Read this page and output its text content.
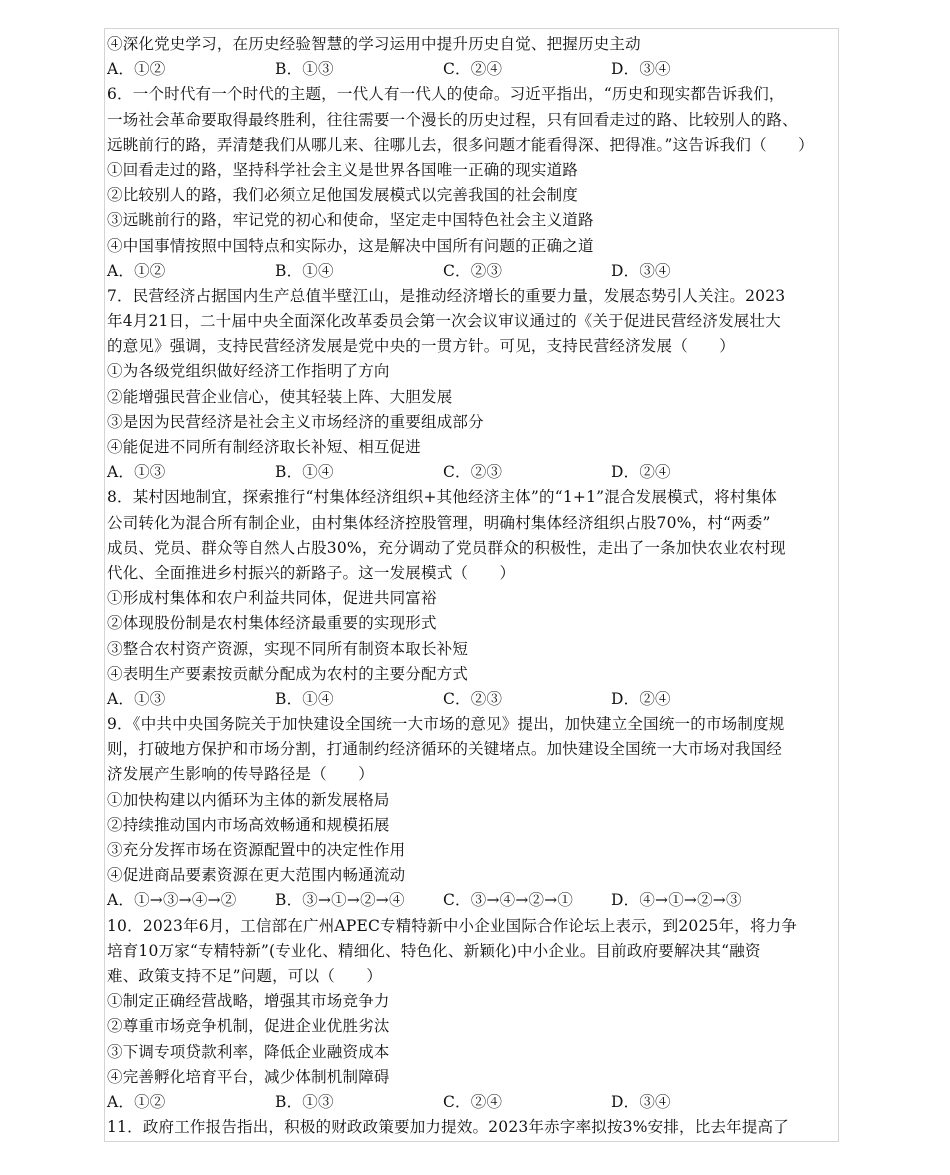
④深化党史学习，在历史经验智慧的学习运用中提升历史自觉、把握历史主动
A．①②	B．①③	C．②④	D．③④
6．一个时代有一个时代的主题，一代人有一代人的使命。习近平指出，“历史和现实都告诉我们，
一场社会革命要取得最终胜利，往往需要一个漫长的历史过程，只有回看走过的路、比较别人的路、
远眺前行的路，弄清楚我们从哪儿来、往哪儿去，很多问题才能看得深、把得准。”这告诉我们（　　）
①回看走过的路，坚持科学社会主义是世界各国唯一正确的现实道路
②比较别人的路，我们必须立足他国发展模式以完善我国的社会制度
③远眺前行的路，牢记党的初心和使命，坚定走中国特色社会主义道路
④中国事情按照中国特点和实际办，这是解决中国所有问题的正确之道
A．①②	B．①④	C．②③	D．③④
7．民营经济占据国内生产总值半壁江山，是推动经济增长的重要力量，发展态势引人关注。2023
年4月21日，二十届中央全面深化改革委员会第一次会议审议通过的《关于促进民营经济发展壮大
的意见》强调，支持民营经济发展是党中央的一贯方针。可见，支持民营经济发展（　　）
①为各级党组织做好经济工作指明了方向
②能增强民营企业信心，使其轻装上阵、大胆发展
③是因为民营经济是社会主义市场经济的重要组成部分
④能促进不同所有制经济取长补短、相互促进
A．①③	B．①④	C．②③	D．②④
8．某村因地制宜，探索推行“村集体经济组织+其他经济主体”的“1+1”混合发展模式，将村集体
公司转化为混合所有制企业，由村集体经济控股管理，明确村集体经济组织占股70%，村“两委”
成员、党员、群众等自然人占股30%，充分调动了党员群众的积极性，走出了一条加快农业农村现
代化、全面推进乡村振兴的新路子。这一发展模式（　　）
①形成村集体和农户利益共同体，促进共同富裕
②体现股份制是农村集体经济最重要的实现形式
③整合农村资产资源，实现不同所有制资本取长补短
④表明生产要素按贡献分配成为农村的主要分配方式
A．①③	B．①④	C．②③	D．②④
9．《中共中央国务院关于加快建设全国统一大市场的意见》提出，加快建立全国统一的市场制度规
则，打破地方保护和市场分割，打通制约经济循环的关键堵点。加快建设全国统一大市场对我国经
济发展产生影响的传导路径是（　　）
①加快构建以内循环为主体的新发展格局
②持续推动国内市场高效畅通和规模拓展
③充分发挥市场在资源配置中的决定性作用
④促进商品要素资源在更大范围内畅通流动
A．①→③→④→②	B．③→①→②→④	C．③→④→②→①	D．④→①→②→③
10．2023年6月，工信部在广州APEC专精特新中小企业国际合作论坛上表示，到2025年，将力争
培育10万家“专精特新”(专业化、精细化、特色化、新颖化)中小企业。目前政府要解决其“融资
难、政策支持不足”问题，可以（　　）
①制定正确经营战略，增强其市场竞争力
②尊重市场竞争机制，促进企业优胜劣汰
③下调专项贷款利率，降低企业融资成本
④完善孵化培育平台，减少体制机制障碍
A．①②	B．①③	C．②④	D．③④
11．政府工作报告指出，积极的财政政策要加力提效。2023年赤字率拟按3%安排，比去年提高了
